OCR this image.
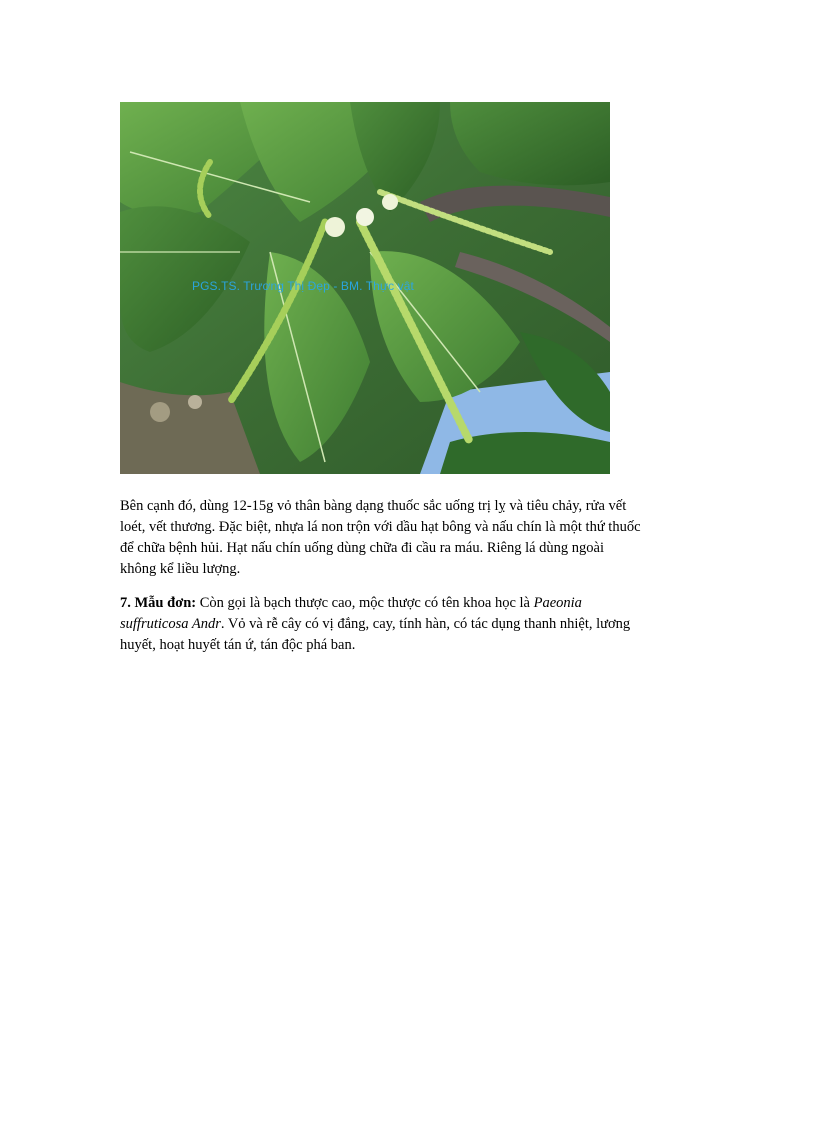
PGS.TS. Trương Thị Đẹp - BM. Thực vật
Bên cạnh đó, dùng 12-15g vỏ thân bàng dạng thuốc sắc uống trị lỵ và tiêu chảy, rửa vết
loét, vết thương. Đặc biệt, nhựa lá non trộn với dầu hạt bông và nấu chín là một thứ thuốc
để chữa bệnh hủi. Hạt nấu chín uống dùng chữa đi cầu ra máu. Riêng lá dùng ngoài
không kể liều lượng.
7. Mẫu đơn: Còn gọi là bạch thược cao, mộc thược có tên khoa học là Paeonia
suffruticosa Andr. Vỏ và rễ cây có vị đắng, cay, tính hàn, có tác dụng thanh nhiệt, lương
huyết, hoạt huyết tán ứ, tán độc phá ban.
